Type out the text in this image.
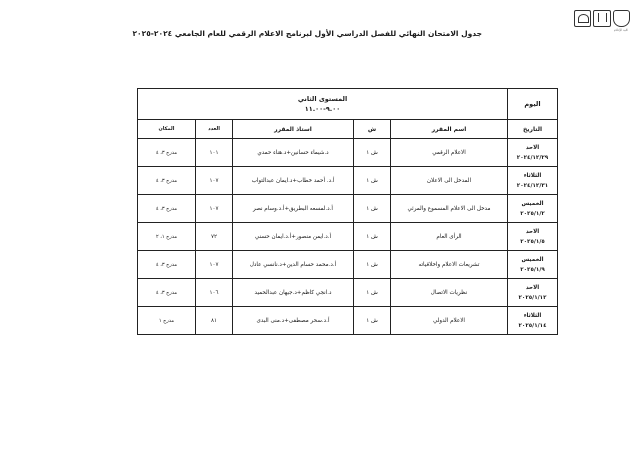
كلية الإعلام
جدول الامتحان النهائي للفصل الدراسي الأول لبرنامج الاعلام الرقمي للعام الجامعي ٢٠٢٤-٢٠٢٥
اليوم	المستوى الثاني
٩.٠٠-١١.٠٠				

التاريخ	اسم المقرر	ش	استاذ المقرر	العدد	المكان

الاحد
٢٠٢٤/١٢/٢٩	الاعلام الرقمي	ش ١	د.شيماء حسانين+د.هناء حمدي	١٠١	مدرج ٣، ٤

الثلاثاء
٢٠٢٤/١٢/٣١	المدخل الى الاعلان	ش ١	أ.د. أحمد خطاب+د.ايمان عبدالتواب	١٠٧	مدرج ٣، ٤

الخميس
٢٠٢٥/١/٢	مدخل الى الاعلام المسموع والمرئي	ش ١	أ.د.لمسعه البطريق+أ.د.وسام نصر	١٠٧	مدرج ٣، ٤

الاحد
٢٠٢٥/١/٥	الرأى العام	ش ١	أ.د.ايمن منصور+أ.د.ايمان حسني	٧٢	مدرج ١، ٢

الخميس
٢٠٢٥/١/٩	تشريعات الاعلام واخلاقياته	ش ١	أ.د.محمد حسام الدين+د.نانسي عادل	١٠٧	مدرج ٣، ٤

الاحد
٢٠٢٥/١/١٢	نظريات الاتصال	ش ١	د.انجي كاظم+د.جيهان عبدالحميد	١٠٦	مدرج ٣، ٤

الثلاثاء
٢٠٢٥/١/١٤	الاعلام الدولي	ش ١	أ.د.سحر مصطفى+د.منى البدى	٨١	مدرج ١
